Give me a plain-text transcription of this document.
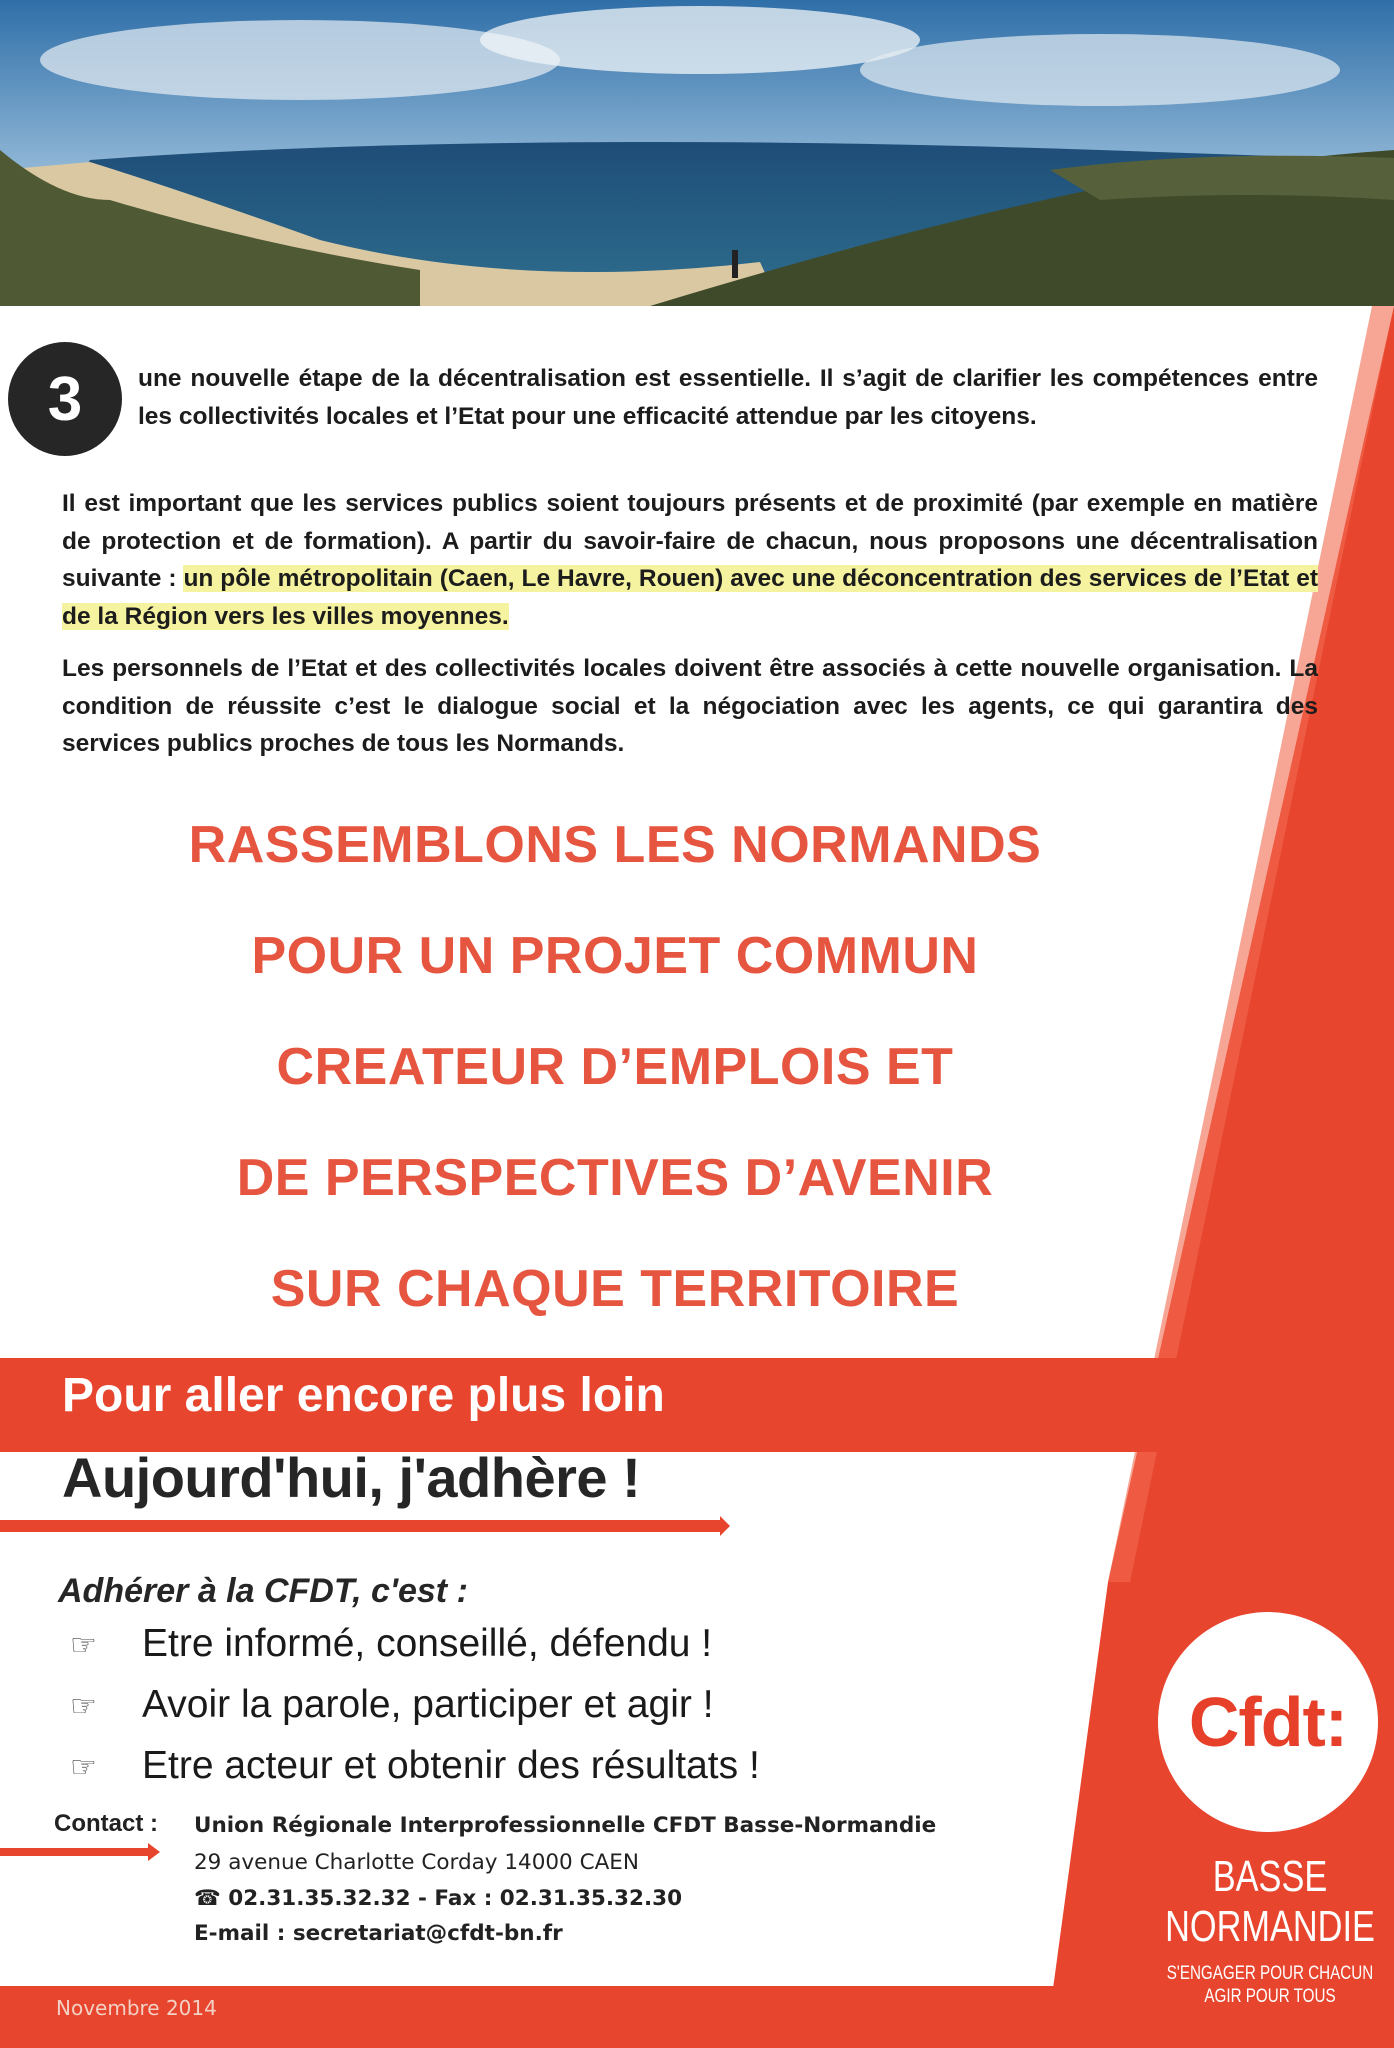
3	une nouvelle étape de la décentralisation est essentielle. Il s’agit de clarifier les compétences entre les collectivités locales et l’Etat pour une efficacité attendue par les citoyens.
Il est important que les services publics soient toujours présents et de proximité (par exemple en matière de protection et de formation). A partir du savoir-faire de chacun, nous proposons une décentralisation suivante : un pôle métropolitain (Caen, Le Havre, Rouen) avec une déconcentration des services de l’Etat et de la Région vers les villes moyennes.
Les personnels de l’Etat et des collectivités locales doivent être associés à cette nouvelle organisation. La condition de réussite c’est le dialogue social et la négociation avec les agents, ce qui garantira des services publics proches de tous les Normands.
RASSEMBLONS LES NORMANDS
POUR UN PROJET COMMUN
CREATEUR D’EMPLOIS ET
DE PERSPECTIVES D’AVENIR
SUR CHAQUE TERRITOIRE
Pour aller encore plus loin
Aujourd'hui, j'adhère !
Adhérer à la CFDT, c'est :
☞ Etre informé, conseillé, défendu !
☞ Avoir la parole, participer et agir !
☞ Etre acteur et obtenir des résultats !
Contact : Union Régionale Interprofessionnelle CFDT Basse-Normandie
29 avenue Charlotte Corday 14000 CAEN
☎ 02.31.35.32.32 - Fax : 02.31.35.32.30
E-mail : secretariat@cfdt-bn.fr
Novembre 2014
Cfdt:
BASSE
NORMANDIE
S'ENGAGER POUR CHACUN
AGIR POUR TOUS
